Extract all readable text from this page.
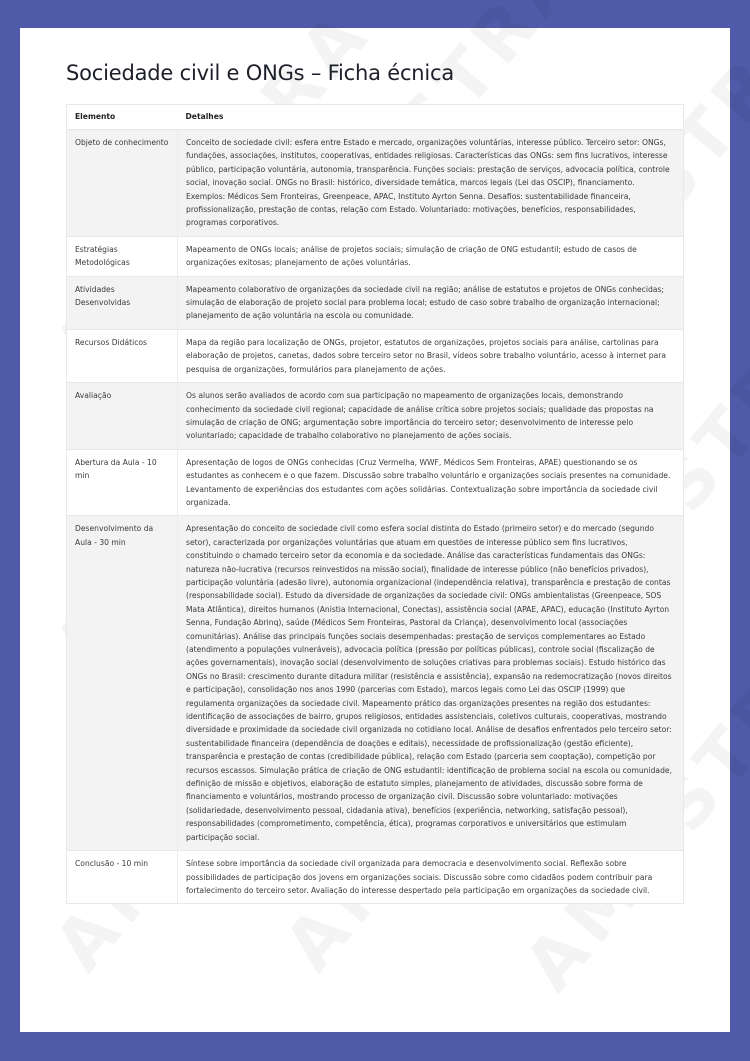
Sociedade civil e ONGs – Ficha écnica
Elemento	Detalhes
Objeto de conhecimento	Conceito de sociedade civil: esfera entre Estado e mercado, organizações voluntárias, interesse público. Terceiro setor: ONGs, fundações, associações, institutos, cooperativas, entidades religiosas. Características das ONGs: sem fins lucrativos, interesse público, participação voluntária, autonomia, transparência. Funções sociais: prestação de serviços, advocacia política, controle social, inovação social. ONGs no Brasil: histórico, diversidade temática, marcos legais (Lei das OSCIP), financiamento. Exemplos: Médicos Sem Fronteiras, Greenpeace, APAC, Instituto Ayrton Senna. Desafios: sustentabilidade financeira, profissionalização, prestação de contas, relação com Estado. Voluntariado: motivações, benefícios, responsabilidades, programas corporativos.
Estratégias Metodológicas	Mapeamento de ONGs locais; análise de projetos sociais; simulação de criação de ONG estudantil; estudo de casos de organizações exitosas; planejamento de ações voluntárias.
Atividades Desenvolvidas	Mapeamento colaborativo de organizações da sociedade civil na região; análise de estatutos e projetos de ONGs conhecidas; simulação de elaboração de projeto social para problema local; estudo de caso sobre trabalho de organização internacional; planejamento de ação voluntária na escola ou comunidade.
Recursos Didáticos	Mapa da região para localização de ONGs, projetor, estatutos de organizações, projetos sociais para análise, cartolinas para elaboração de projetos, canetas, dados sobre terceiro setor no Brasil, vídeos sobre trabalho voluntário, acesso à internet para pesquisa de organizações, formulários para planejamento de ações.
Avaliação	Os alunos serão avaliados de acordo com sua participação no mapeamento de organizações locais, demonstrando conhecimento da sociedade civil regional; capacidade de análise crítica sobre projetos sociais; qualidade das propostas na simulação de criação de ONG; argumentação sobre importância do terceiro setor; desenvolvimento de interesse pelo voluntariado; capacidade de trabalho colaborativo no planejamento de ações sociais.
Abertura da Aula - 10 min	Apresentação de logos de ONGs conhecidas (Cruz Vermelha, WWF, Médicos Sem Fronteiras, APAE) questionando se os estudantes as conhecem e o que fazem. Discussão sobre trabalho voluntário e organizações sociais presentes na comunidade. Levantamento de experiências dos estudantes com ações solidárias. Contextualização sobre importância da sociedade civil organizada.
Desenvolvimento da Aula - 30 min	Apresentação do conceito de sociedade civil como esfera social distinta do Estado (primeiro setor) e do mercado (segundo setor), caracterizada por organizações voluntárias que atuam em questões de interesse público sem fins lucrativos, constituindo o chamado terceiro setor da economia e da sociedade. Análise das características fundamentais das ONGs: natureza não-lucrativa (recursos reinvestidos na missão social), finalidade de interesse público (não benefícios privados), participação voluntária (adesão livre), autonomia organizacional (independência relativa), transparência e prestação de contas (responsabilidade social). Estudo da diversidade de organizações da sociedade civil: ONGs ambientalistas (Greenpeace, SOS Mata Atlântica), direitos humanos (Anistia Internacional, Conectas), assistência social (APAE, APAC), educação (Instituto Ayrton Senna, Fundação Abrinq), saúde (Médicos Sem Fronteiras, Pastoral da Criança), desenvolvimento local (associações comunitárias). Análise das principais funções sociais desempenhadas: prestação de serviços complementares ao Estado (atendimento a populações vulneráveis), advocacia política (pressão por políticas públicas), controle social (fiscalização de ações governamentais), inovação social (desenvolvimento de soluções criativas para problemas sociais). Estudo histórico das ONGs no Brasil: crescimento durante ditadura militar (resistência e assistência), expansão na redemocratização (novos direitos e participação), consolidação nos anos 1990 (parcerias com Estado), marcos legais como Lei das OSCIP (1999) que regulamenta organizações da sociedade civil. Mapeamento prático das organizações presentes na região dos estudantes: identificação de associações de bairro, grupos religiosos, entidades assistenciais, coletivos culturais, cooperativas, mostrando diversidade e proximidade da sociedade civil organizada no cotidiano local. Análise de desafios enfrentados pelo terceiro setor: sustentabilidade financeira (dependência de doações e editais), necessidade de profissionalização (gestão eficiente), transparência e prestação de contas (credibilidade pública), relação com Estado (parceria sem cooptação), competição por recursos escassos. Simulação prática de criação de ONG estudantil: identificação de problema social na escola ou comunidade, definição de missão e objetivos, elaboração de estatuto simples, planejamento de atividades, discussão sobre forma de financiamento e voluntários, mostrando processo de organização civil. Discussão sobre voluntariado: motivações (solidariedade, desenvolvimento pessoal, cidadania ativa), benefícios (experiência, networking, satisfação pessoal), responsabilidades (comprometimento, competência, ética), programas corporativos e universitários que estimulam participação social.
Conclusão - 10 min	Síntese sobre importância da sociedade civil organizada para democracia e desenvolvimento social. Reflexão sobre possibilidades de participação dos jovens em organizações sociais. Discussão sobre como cidadãos podem contribuir para fortalecimento do terceiro setor. Avaliação do interesse despertado pela participação em organizações da sociedade civil.
